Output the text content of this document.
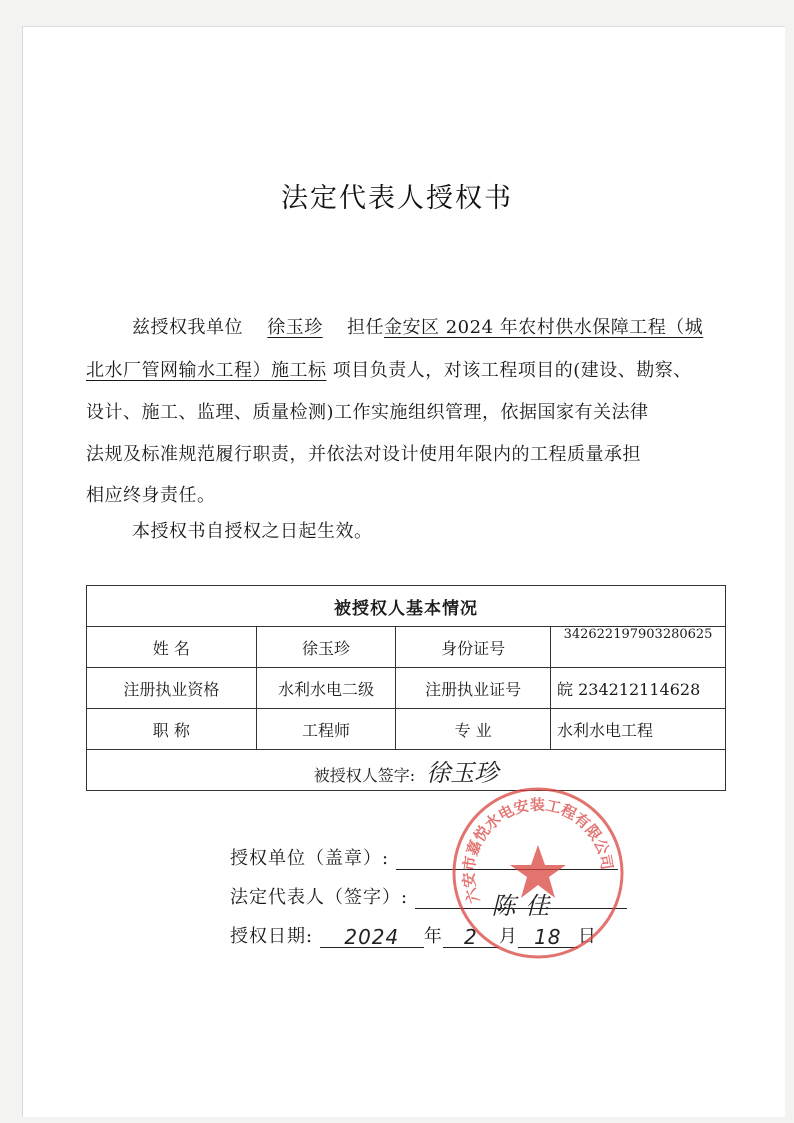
法定代表人授权书
兹授权我单位 徐玉珍 担任金安区 2024 年农村供水保障工程（城
北水厂管网输水工程）施工标 项目负责人，对该工程项目的(建设、勘察、
设计、施工、监理、质量检测)工作实施组织管理，依据国家有关法律
法规及标准规范履行职责，并依法对设计使用年限内的工程质量承担
相应终身责任。
本授权书自授权之日起生效。
被授权人基本情况			
姓 名	徐玉珍	身份证号	342622197903280625
注册执业资格	水利水电二级	注册执业证号	皖 234212114628
职 称	工程师	专 业	水利水电工程
被授权人签字: 徐玉珍			
授权单位（盖章）:
法定代表人（签字）:	陈 佳
授权日期: 2024 年 2 月 18 日
六安市嘉悦水电安装工程有限公司
